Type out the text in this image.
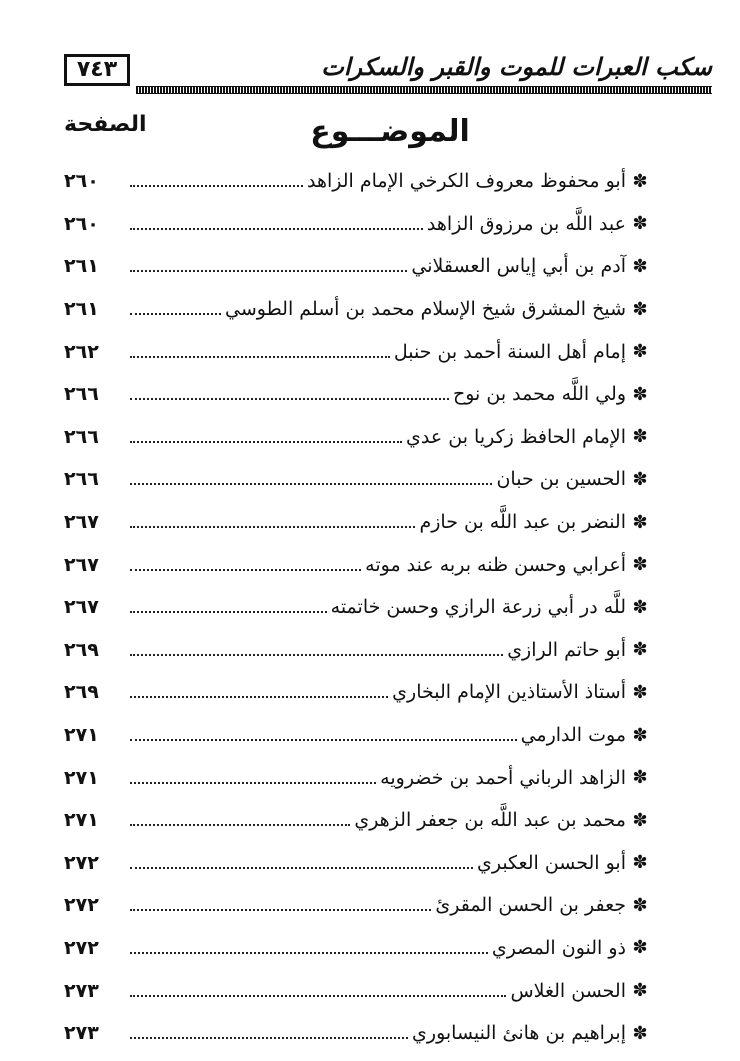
٧٤٣	سكب العبرات للموت والقبر والسكرات
الموضـــوع
الصفحة
✽
أبو محفوظ معروف الكرخي الإمام الزاهد
٢٦٠
✽
عبد اللَّه بن مرزوق الزاهد
٢٦٠
✽
آدم بن أبي إياس العسقلاني
٢٦١
✽
شيخ المشرق شيخ الإسلام محمد بن أسلم الطوسي
٢٦١
✽
إمام أهل السنة أحمد بن حنبل
٢٦٢
✽
ولي اللَّه محمد بن نوح
٢٦٦
✽
الإمام الحافظ زكريا بن عدي
٢٦٦
✽
الحسين بن حبان
٢٦٦
✽
النضر بن عبد اللَّه بن حازم
٢٦٧
✽
أعرابي وحسن ظنه بربه عند موته
٢٦٧
✽
للَّه در أبي زرعة الرازي وحسن خاتمته
٢٦٧
✽
أبو حاتم الرازي
٢٦٩
✽
أستاذ الأستاذين الإمام البخاري
٢٦٩
✽
موت الدارمي
٢٧١
✽
الزاهد الرباني أحمد بن خضرويه
٢٧١
✽
محمد بن عبد اللَّه بن جعفر الزهري
٢٧١
✽
أبو الحسن العكبري
٢٧٢
✽
جعفر بن الحسن المقرئ
٢٧٢
✽
ذو النون المصري
٢٧٢
✽
الحسن الغلاس
٢٧٣
✽
إبراهيم بن هانئ النيسابوري
٢٧٣
